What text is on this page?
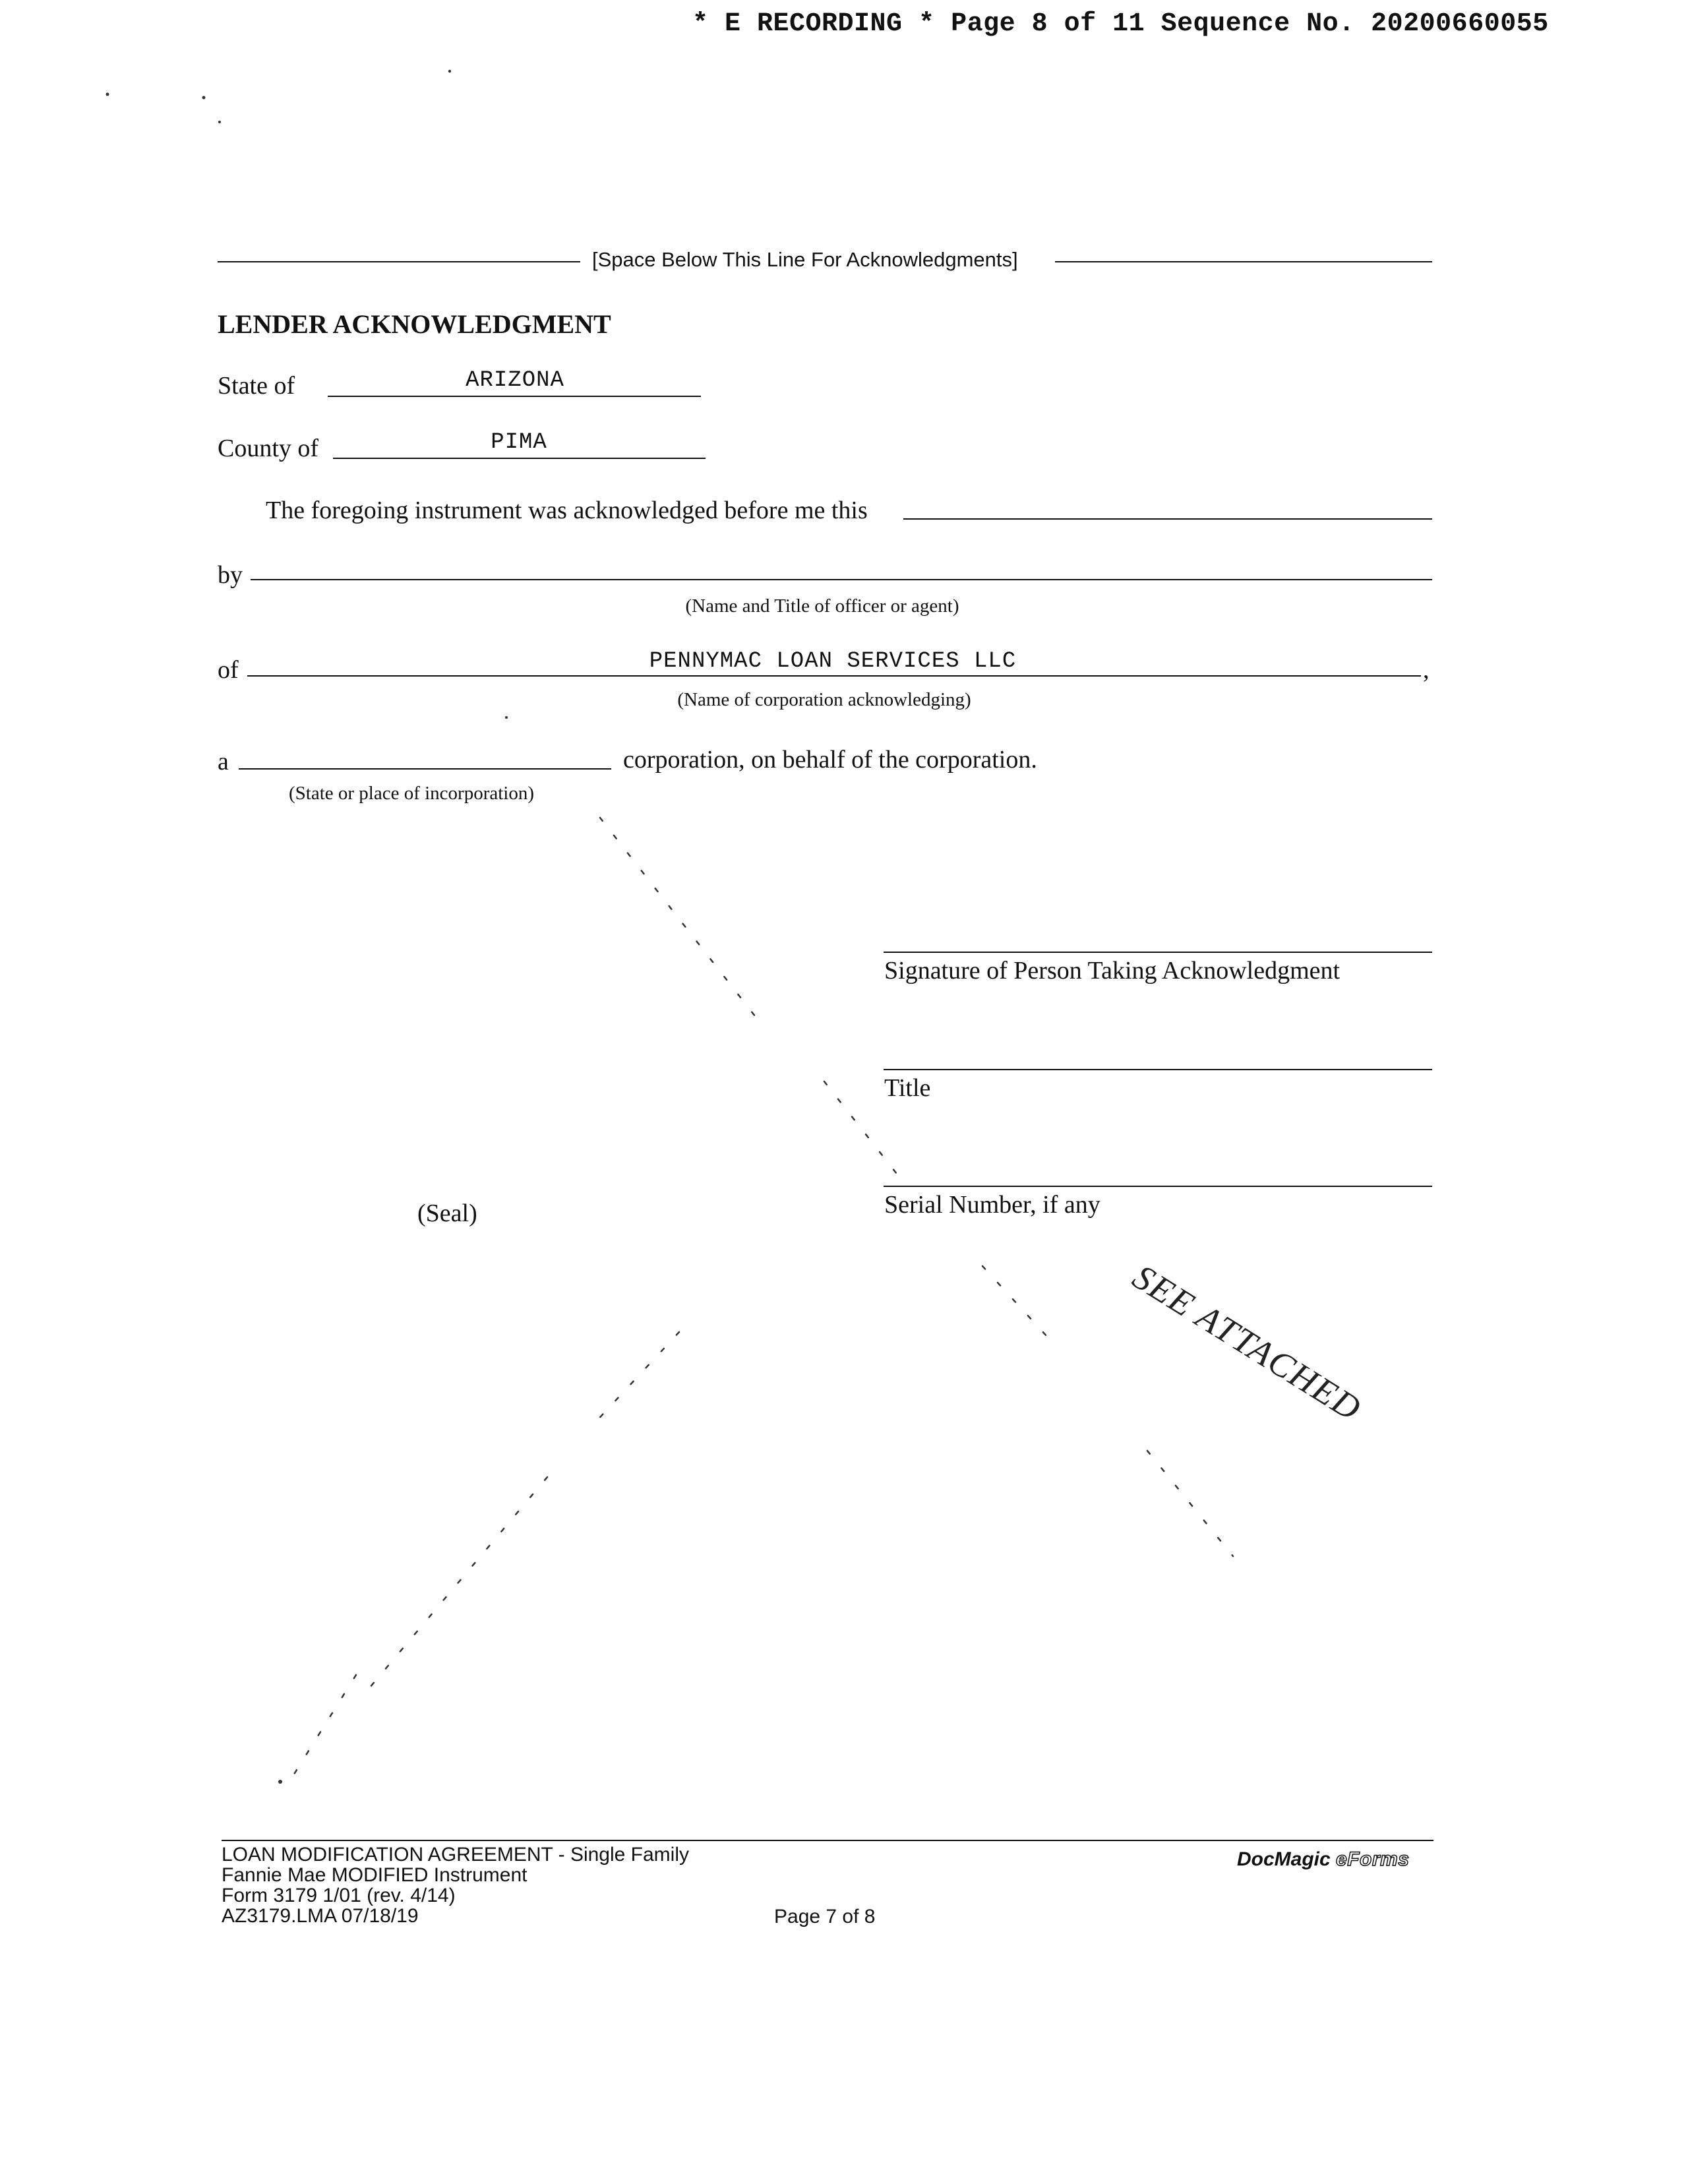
* E RECORDING * Page 8 of 11 Sequence No. 20200660055
[Space Below This Line For Acknowledgments]
LENDER ACKNOWLEDGMENT
State of	ARIZONA
County of	PIMA
The foregoing instrument was acknowledged before me this
by
(Name and Title of officer or agent)
of	PENNYMAC LOAN SERVICES LLC	,
(Name of corporation acknowledging)
a	corporation, on behalf of the corporation.
(State or place of incorporation)
Signature of Person Taking Acknowledgment
Title
Serial Number, if any
(Seal)
SEE ATTACHED
LOAN MODIFICATION AGREEMENT - Single Family
Fannie Mae MODIFIED Instrument
Form 3179 1/01 (rev. 4/14)
AZ3179.LMA 07/18/19	Page 7 of 8
DocMagic eForms
